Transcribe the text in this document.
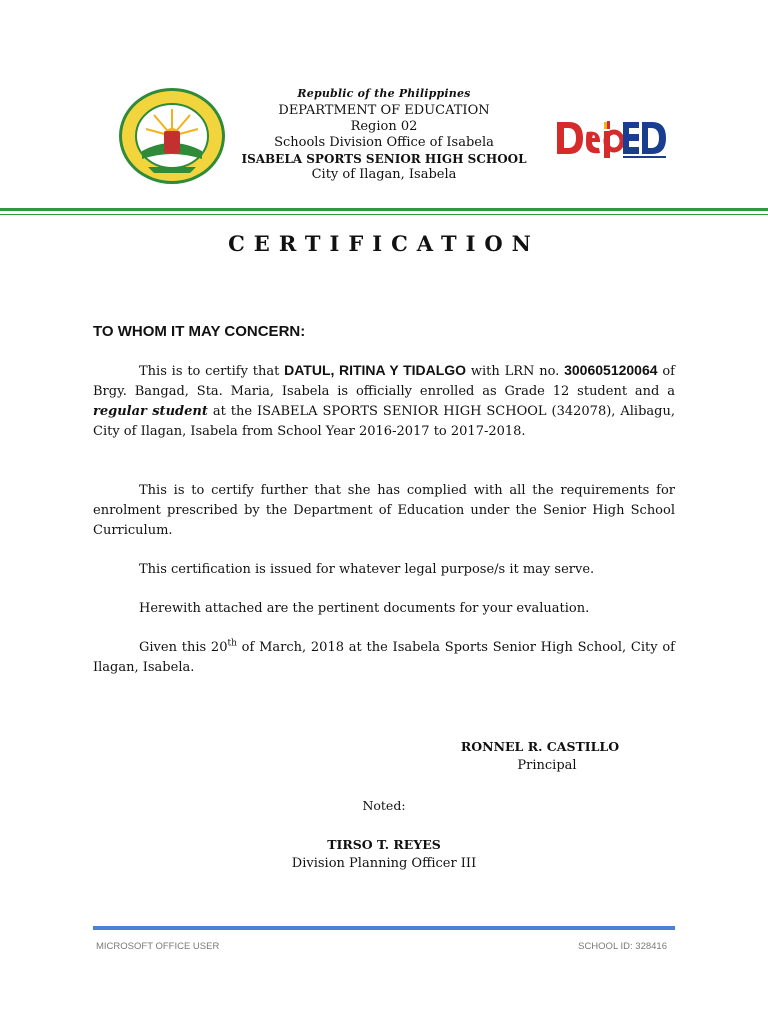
Republic of the Philippines
DEPARTMENT OF EDUCATION
Region 02
Schools Division Office of Isabela
ISABELA SPORTS SENIOR HIGH SCHOOL
City of Ilagan, Isabela
CERTIFICATION
TO WHOM IT MAY CONCERN:

This is to certify that DATUL, RITINA Y TIDALGO with LRN no. 300605120064 of Brgy. Bangad, Sta. Maria, Isabela is officially enrolled as Grade 12 student and a regular student at the ISABELA SPORTS SENIOR HIGH SCHOOL (342078), Alibagu, City of Ilagan, Isabela from School Year 2016-2017 to 2017-2018.

This is to certify further that she has complied with all the requirements for enrolment prescribed by the Department of Education under the Senior High School Curriculum.

This certification is issued for whatever legal purpose/s it may serve.

Herewith attached are the pertinent documents for your evaluation.

Given this 20th of March, 2018 at the Isabela Sports Senior High School, City of Ilagan, Isabela.

RONNEL R. CASTILLO
Principal
Noted:
TIRSO T. REYES
Division Planning Officer III
MICROSOFT OFFICE USER	SCHOOL ID: 328416
